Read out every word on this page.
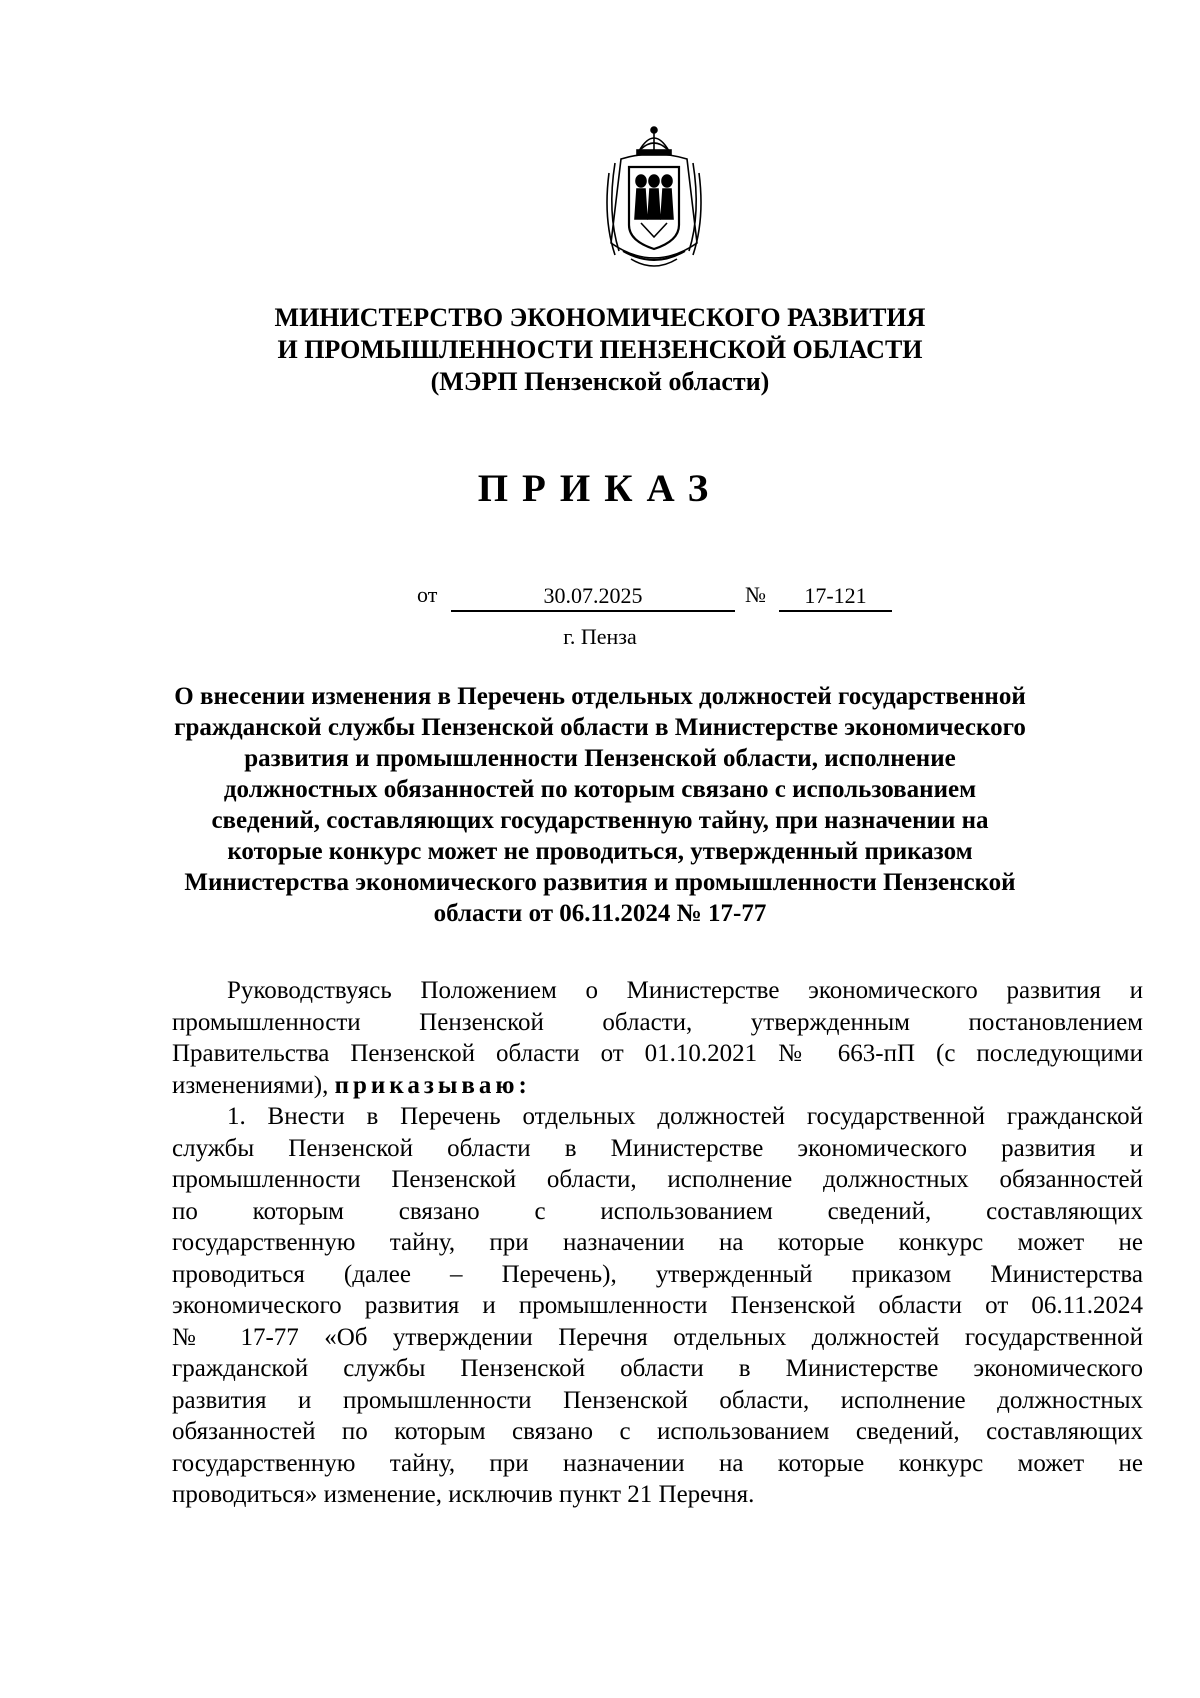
МИНИСТЕРСТВО ЭКОНОМИЧЕСКОГО РАЗВИТИЯ
И ПРОМЫШЛЕННОСТИ ПЕНЗЕНСКОЙ ОБЛАСТИ
(МЭРП Пензенской области)
ПРИКАЗ
от	30.07.2025	№	17-121
г. Пенза
О внесении изменения в Перечень отдельных должностей государственной
гражданской службы Пензенской области в Министерстве экономического
развития и промышленности Пензенской области, исполнение
должностных обязанностей по которым связано с использованием
сведений, составляющих государственную тайну, при назначении на
которые конкурс может не проводиться, утвержденный приказом
Министерства экономического развития и промышленности Пензенской
области от 06.11.2024 № 17-77
Руководствуясь Положением о Министерстве экономического развития и
промышленности Пензенской области, утвержденным постановлением
Правительства Пензенской области от 01.10.2021 № 663-пП (с последующими
изменениями), приказываю:
1. Внести в Перечень отдельных должностей государственной гражданской
службы Пензенской области в Министерстве экономического развития и
промышленности Пензенской области, исполнение должностных обязанностей
по которым связано с использованием сведений, составляющих
государственную тайну, при назначении на которые конкурс может не
проводиться (далее – Перечень), утвержденный приказом Министерства
экономического развития и промышленности Пензенской области от 06.11.2024
№ 17-77 «Об утверждении Перечня отдельных должностей государственной
гражданской службы Пензенской области в Министерстве экономического
развития и промышленности Пензенской области, исполнение должностных
обязанностей по которым связано с использованием сведений, составляющих
государственную тайну, при назначении на которые конкурс может не
проводиться» изменение, исключив пункт 21 Перечня.
